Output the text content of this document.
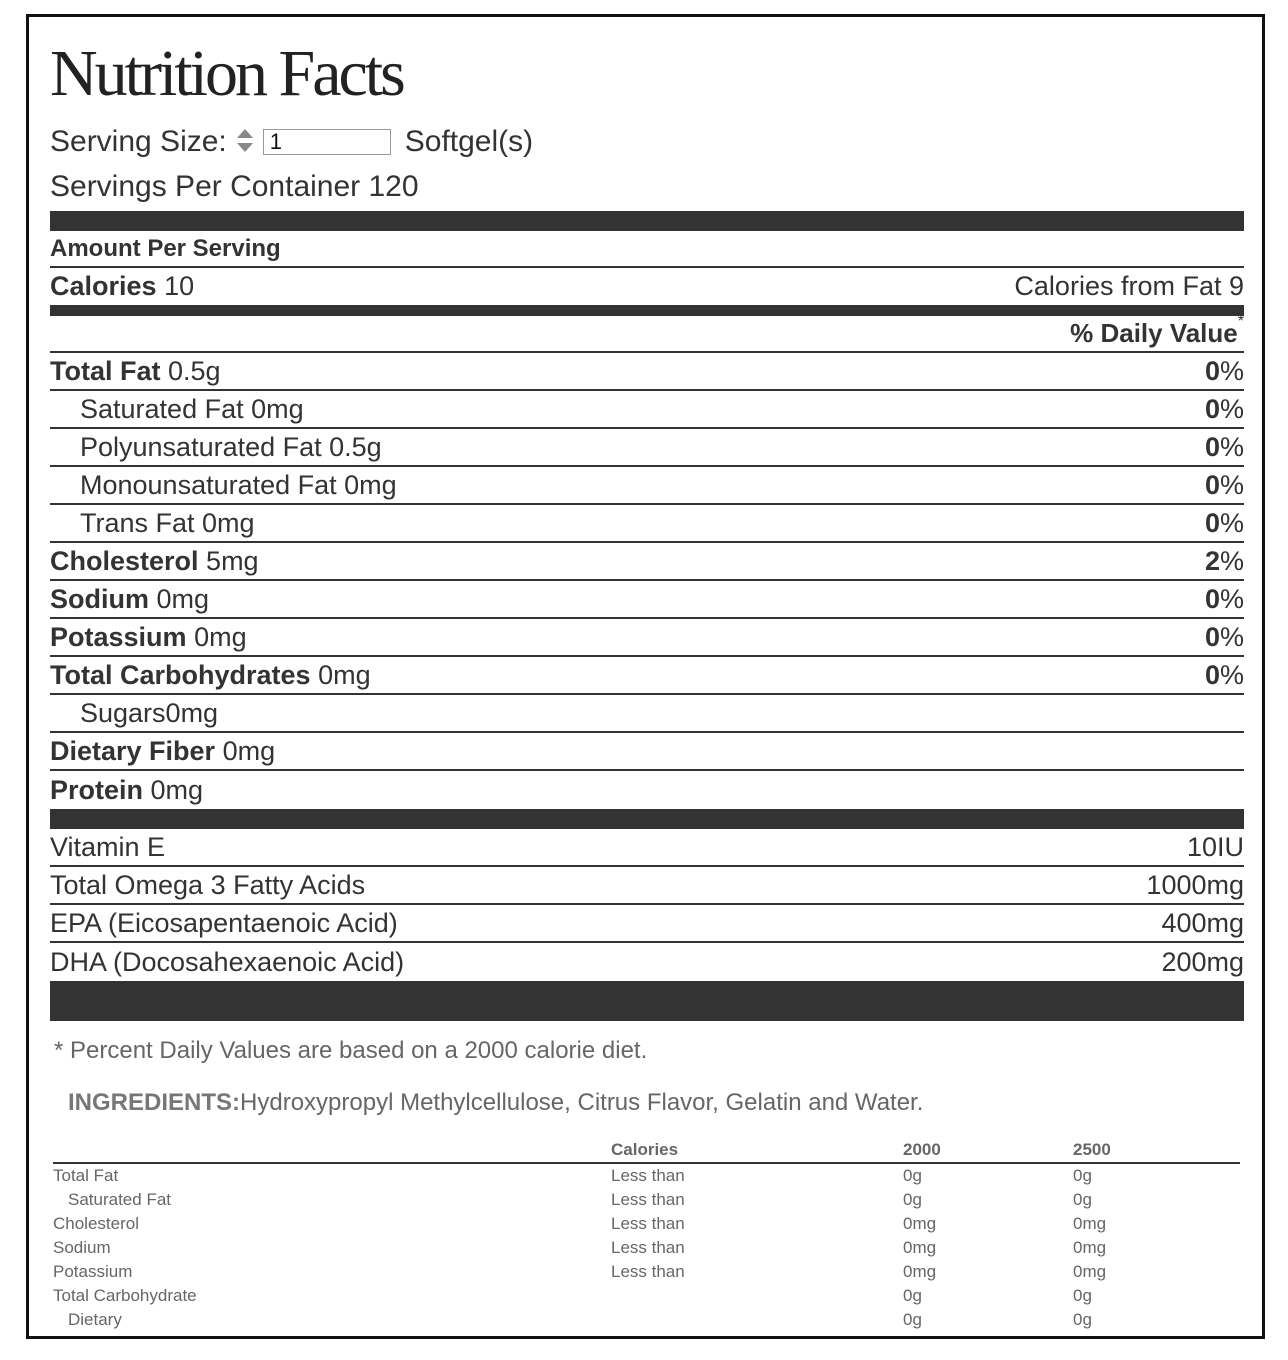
Nutrition Facts
Serving Size:
1	Softgel(s)
Servings Per Container 120
Amount Per Serving
Calories 10	Calories from Fat 9
% Daily Value*
Total Fat 0.5g	0%
Saturated Fat 0mg	0%
Polyunsaturated Fat 0.5g	0%
Monounsaturated Fat 0mg	0%
Trans Fat 0mg	0%
Cholesterol 5mg	2%
Sodium 0mg	0%
Potassium 0mg	0%
Total Carbohydrates 0mg	0%
Sugars0mg
Dietary Fiber 0mg
Protein 0mg
Vitamin E	10IU
Total Omega 3 Fatty Acids	1000mg
EPA (Eicosapentaenoic Acid)	400mg
DHA (Docosahexaenoic Acid)	200mg
* Percent Daily Values are based on a 2000 calorie diet.
INGREDIENTS:Hydroxypropyl Methylcellulose, Citrus Flavor, Gelatin and Water.
	Calories	2000	2500
Total Fat	Less than	0g	0g
Saturated Fat	Less than	0g	0g
Cholesterol	Less than	0mg	0mg
Sodium	Less than	0mg	0mg
Potassium	Less than	0mg	0mg
Total Carbohydrate		0g	0g
Dietary		0g	0g
